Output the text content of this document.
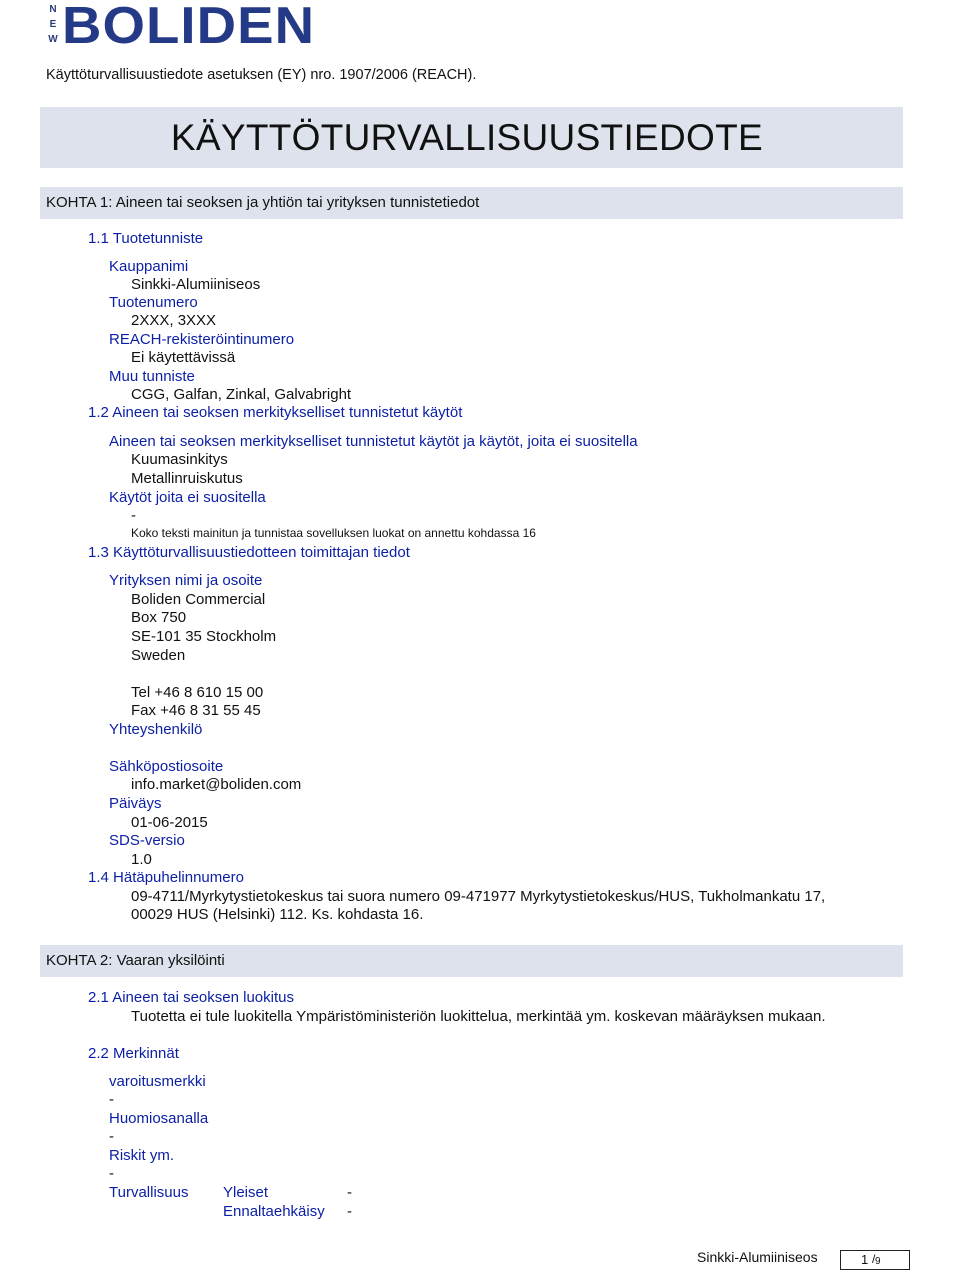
N
E
W BOLIDEN
Käyttöturvallisuustiedote asetuksen (EY) nro. 1907/2006 (REACH).
KÄYTTÖTURVALLISUUSTIEDOTE
KOHTA 1: Aineen tai seoksen ja yhtiön tai yrityksen tunnistetiedot
1.1 Tuotetunniste
Kauppanimi
Sinkki-Alumiiniseos
Tuotenumero
2XXX, 3XXX
REACH-rekisteröintinumero
Ei käytettävissä
Muu tunniste
CGG, Galfan, Zinkal, Galvabright
1.2 Aineen tai seoksen merkitykselliset tunnistetut käytöt
Aineen tai seoksen merkitykselliset tunnistetut käytöt ja käytöt, joita ei suositella
Kuumasinkitys
Metallinruiskutus
Käytöt joita ei suositella
-
Koko teksti mainitun ja tunnistaa sovelluksen luokat on annettu kohdassa 16
1.3 Käyttöturvallisuustiedotteen toimittajan tiedot
Yrityksen nimi ja osoite
Boliden Commercial
Box 750
SE-101 35 Stockholm
Sweden
Tel +46 8 610 15 00
Fax +46 8 31 55 45
Yhteyshenkilö
Sähköpostiosoite
info.market@boliden.com
Päiväys
01-06-2015
SDS-versio
1.0
1.4 Hätäpuhelinnumero
09-4711/Myrkytystietokeskus tai suora numero 09-471977 Myrkytystietokeskus/HUS, Tukholmankatu 17,
00029 HUS (Helsinki) 112. Ks. kohdasta 16.
KOHTA 2: Vaaran yksilöinti
2.1 Aineen tai seoksen luokitus
Tuotetta ei tule luokitella Ympäristöministeriön luokittelua, merkintää ym. koskevan määräyksen mukaan.
2.2 Merkinnät
varoitusmerkki
-
Huomiosanalla
-
Riskit ym.
-
Turvallisuus Yleiset	-
Ennaltaehkäisy -
Sinkki-Alumiiniseos	1 / 9
